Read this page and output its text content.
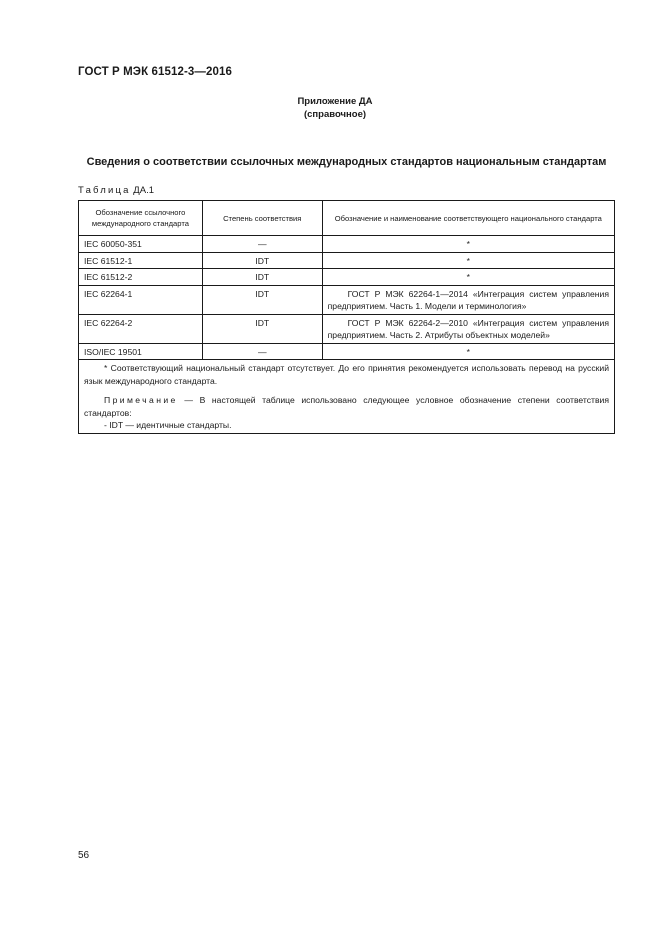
ГОСТ Р МЭК 61512-3—2016
Приложение ДА
(справочное)
Сведения о соответствии ссылочных международных стандартов национальным стандартам
Таблица ДА.1
Обозначение ссылочного международного стандарта	Степень соответствия	Обозначение и наименование соответствующего национального стандарта
IEC 60050-351	—	*
IEC 61512-1	IDT	*
IEC 61512-2	IDT	*
IEC 62264-1	IDT	ГОСТ Р МЭК 62264-1—2014 «Интеграция систем управления предприятием. Часть 1. Модели и терминология»
IEC 62264-2	IDT	ГОСТ Р МЭК 62264-2—2010 «Интеграция систем управления предприятием. Часть 2. Атрибуты объектных моделей»
ISO/IEC 19501	—	*

* Соответствующий национальный стандарт отсутствует. До его принятия рекомендуется использовать перевод на русский язык международного стандарта.

Примечание — В настоящей таблице использовано следующее условное обозначение степени соответствия стандартов:

- IDT — идентичные стандарты.		

56
